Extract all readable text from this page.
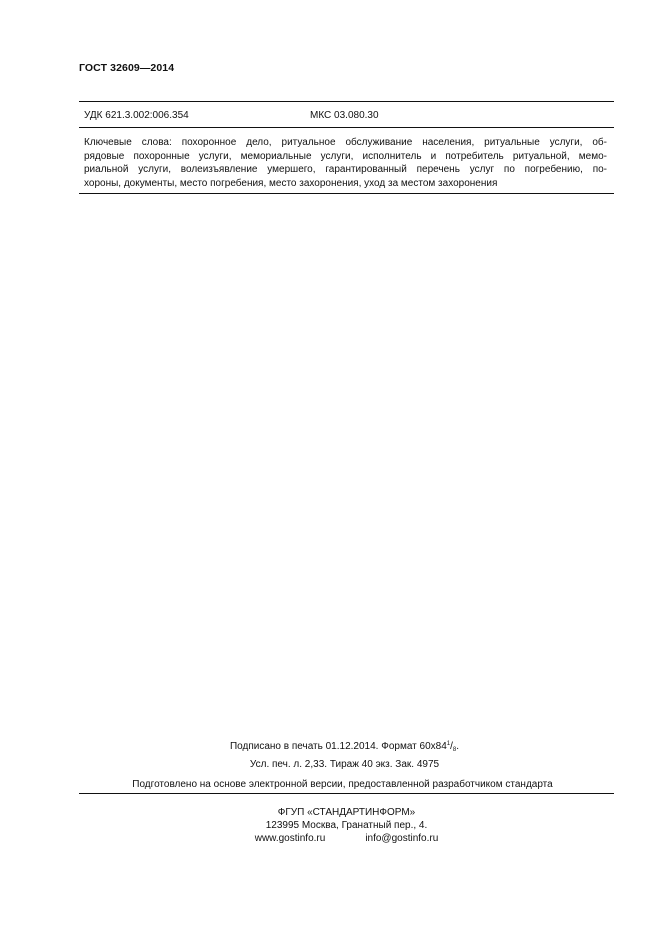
ГОСТ 32609—2014
УДК 621.3.002:006.354	МКС 03.080.30
Ключевые слова: похоронное дело, ритуальное обслуживание населения, ритуальные услуги, об-
рядовые похоронные услуги, мемориальные услуги, исполнитель и потребитель ритуальной, мемо-
риальной услуги, волеизъявление умершего, гарантированный перечень услуг по погребению, по-
хороны, документы, место погребения, место захоронения, уход за местом захоронения
Подписано в печать 01.12.2014. Формат $60x84^1/_8$.
Усл. печ. л. 2,33. Тираж 40 экз. Зак. 4975
Подготовлено на основе электронной версии, предоставленной разработчиком стандарта
ФГУП «СТАНДАРТИНФОРМ»
123995 Москва, Гранатный пер., 4.
www.gostinfo.ru	info@gostinfo.ru
